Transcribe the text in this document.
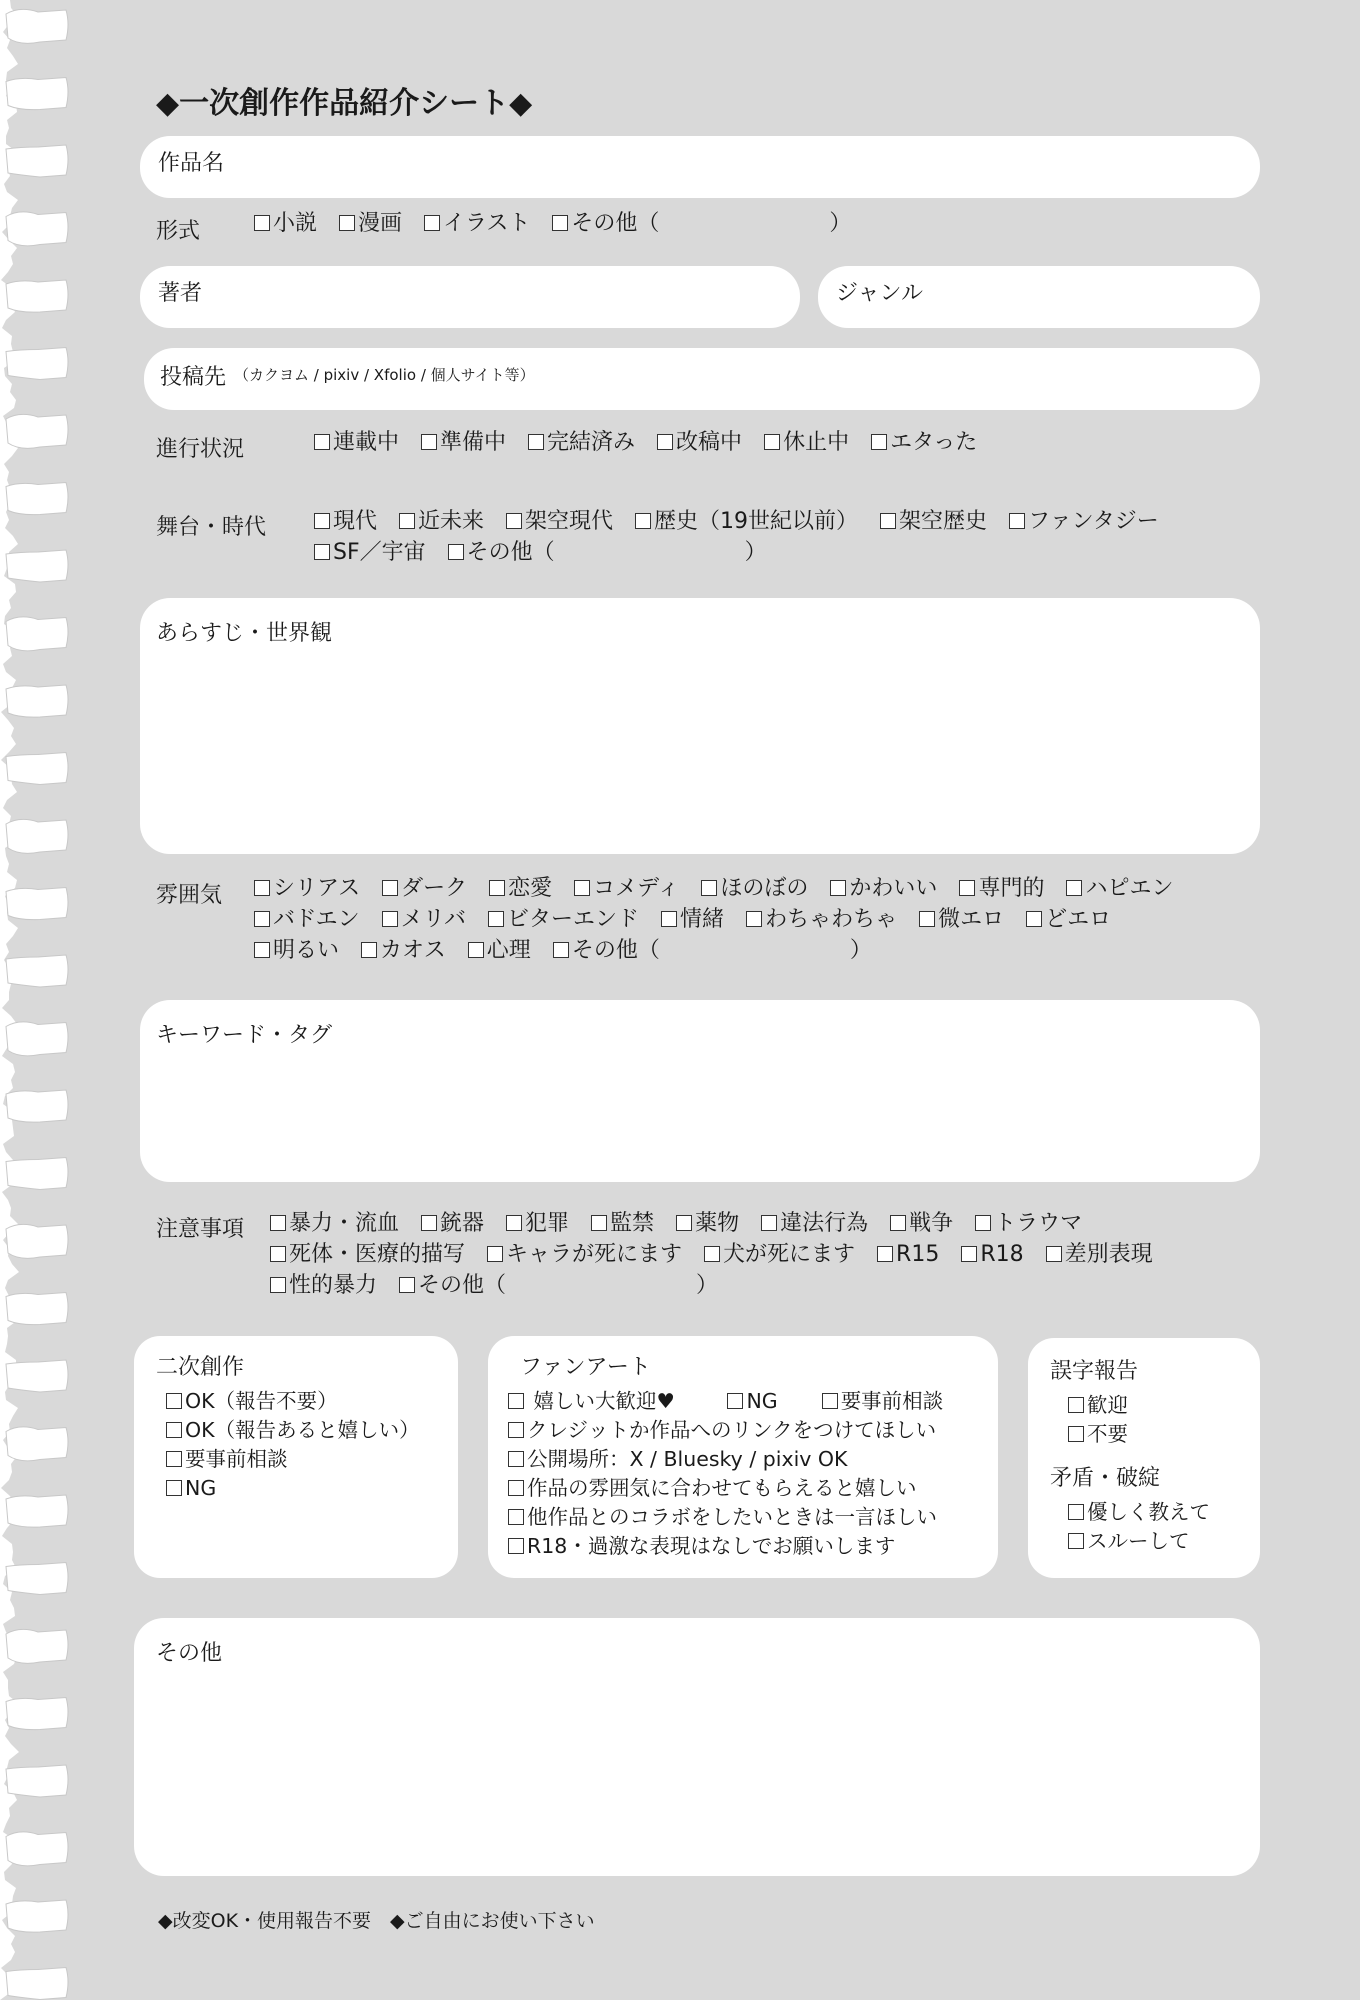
◆一次創作作品紹介シート◆
作品名
形式	小説 漫画 イラスト その他（	）
著者	ジャンル
投稿先 （カクヨム / pixiv / Xfolio / 個人サイト等）
進行状況	連載中 準備中 完結済み 改稿中 休止中 エタった
舞台・時代	現代 近未来 架空現代 歴史（19世紀以前） 架空歴史 ファンタジー
SF／宇宙 その他（	）
あらすじ・世界観
雰囲気	シリアス ダーク 恋愛 コメディ ほのぼの かわいい 専門的 ハピエン
バドエン メリバ ビターエンド 情緒 わちゃわちゃ 微エロ どエロ
明るい カオス 心理 その他（	）
キーワード・タグ
注意事項	暴力・流血 銃器 犯罪 監禁 薬物 違法行為 戦争 トラウマ
死体・医療的描写 キャラが死にます 犬が死にます R15 R18 差別表現
性的暴力 その他（	）
二次創作
OK（報告不要）
OK（報告あると嬉しい）
要事前相談
NG
ファンアート
嬉しい大歓迎♥	NG	要事前相談
クレジットか作品へのリンクをつけてほしい
公開場所：X / Bluesky / pixiv OK
作品の雰囲気に合わせてもらえると嬉しい
他作品とのコラボをしたいときは一言ほしい
R18・過激な表現はなしでお願いします
誤字報告
歓迎
不要
矛盾・破綻
優しく教えて
スルーして
その他
◆改変OK・使用報告不要　◆ご自由にお使い下さい
